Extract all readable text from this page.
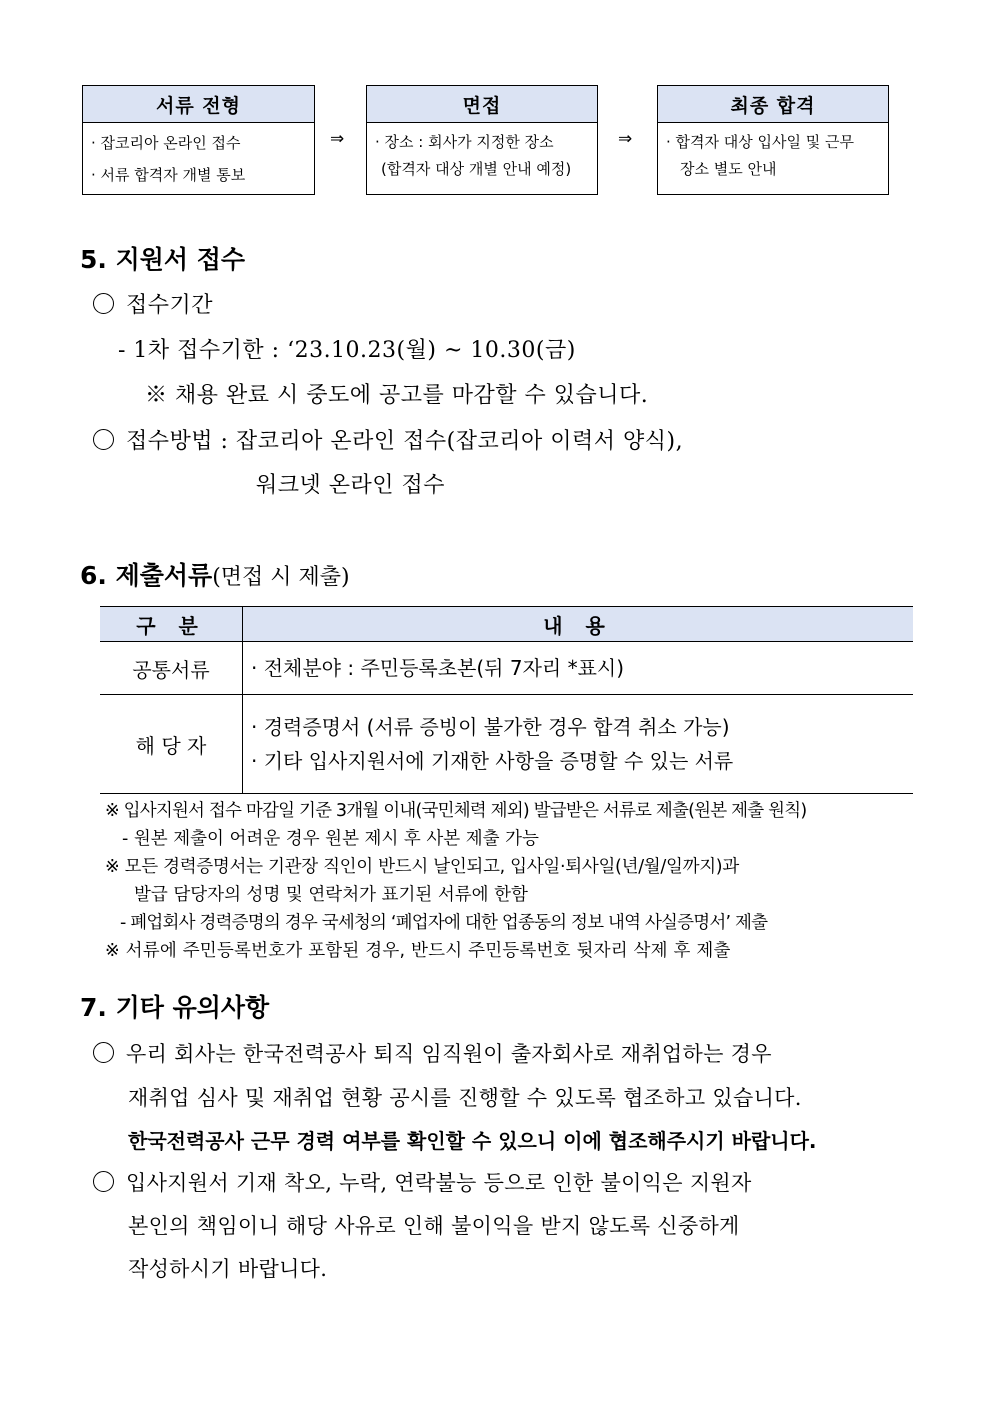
서류 전형
· 잡코리아 온라인 접수
· 서류 합격자 개별 통보
⇒
면접
· 장소 : 회사가 지정한 장소
(합격자 대상 개별 안내 예정)
⇒
최종 합격
· 합격자 대상 입사일 및 근무
장소 별도 안내
5. 지원서 접수
접수기간
- 1차 접수기한 : ‘23.10.23(월) ~ 10.30(금)
※ 채용 완료 시 중도에 공고를 마감할 수 있습니다.
접수방법 : 잡코리아 온라인 접수(잡코리아 이력서 양식),
워크넷 온라인 접수
6. 제출서류(면접 시 제출)
구 분	내 용
공통서류	· 전체분야 : 주민등록초본(뒤 7자리 *표시)

해 당 자	· 경력증명서 (서류 증빙이 불가한 경우 합격 취소 가능)
· 기타 입사지원서에 기재한 사항을 증명할 수 있는 서류
※ 입사지원서 접수 마감일 기준 3개월 이내(국민체력 제외) 발급받은 서류로 제출(원본 제출 원칙)
- 원본 제출이 어려운 경우 원본 제시 후 사본 제출 가능
※ 모든 경력증명서는 기관장 직인이 반드시 날인되고, 입사일·퇴사일(년/월/일까지)과
발급 담당자의 성명 및 연락처가 표기된 서류에 한함
- 폐업회사 경력증명의 경우 국세청의 ‘폐업자에 대한 업종동의 정보 내역 사실증명서’ 제출
※ 서류에 주민등록번호가 포함된 경우, 반드시 주민등록번호 뒷자리 삭제 후 제출
7. 기타 유의사항
우리 회사는 한국전력공사 퇴직 임직원이 출자회사로 재취업하는 경우
재취업 심사 및 재취업 현황 공시를 진행할 수 있도록 협조하고 있습니다.
한국전력공사 근무 경력 여부를 확인할 수 있으니 이에 협조해주시기 바랍니다.
입사지원서 기재 착오, 누락, 연락불능 등으로 인한 불이익은 지원자
본인의 책임이니 해당 사유로 인해 불이익을 받지 않도록 신중하게
작성하시기 바랍니다.
